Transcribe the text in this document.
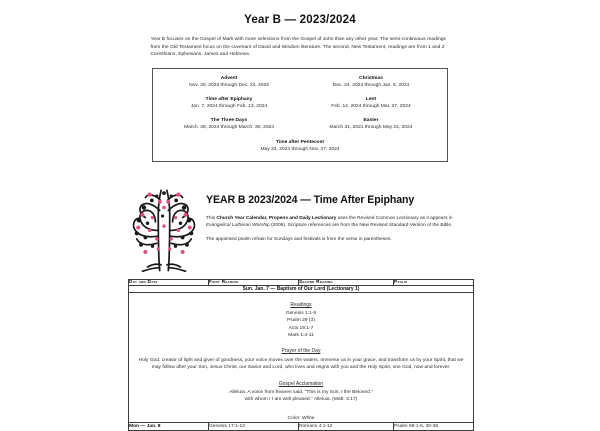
Year B — 2023/2024
Year B focuses on the Gospel of Mark with more selections from the Gospel of John than any other year. The semi-continuous readings from the Old Testament focus on the covenant of David and Wisdom literature. The second, New Testament, readings are from 1 and 2 Corinthians, Ephesians, James and Hebrews.
Advent
Nov. 30, 2023 through Dec. 24, 2023
Christmas
Dec. 24, 2023 through Jan. 6, 2024
Time after Epiphany
Jan. 7, 2024 through Feb. 13, 2024
Lent
Feb. 14, 2024 through Mar. 27, 2024
The Three Days
March. 28, 2024 through March. 30, 2024
Easter
March 31, 2021 through May 22, 2024
Time after Pentecost
May 23, 2024 through Nov. 27, 2024
YEAR B 2023/2024 — Time After Epiphany
This Church Year Calendar, Propens and Daily Lectionary uses the Revised Common Lectionary as it appears in Evangelical Lutheran Worship (2006). Scripture references are from the New Revised Standard Version of the Bible.
The appointed psalm refrain for Sundays and festivals is from the verse in parentheses.
Day and Date	First Reading	Second Reading	Psalm
Sun. Jan. 7 — Baptism of Our Lord (Lectionary 1)			

Readings
Genesis 1:1-5
Psalm 29 (3)
Acts 19:1-7
Mark 1:4-11
Prayer of the Day
Holy God, creator of light and giver of goodness, your voice moves over the waters. Immerse us in your grace, and transform us by your Spirit, that we may follow after your Son, Jesus Christ, our Savior and Lord, who lives and reigns with you and the Holy Spirit, one God, now and forever.
Gospel Acclamation
Alleluia. A voice from heaven said, "This is my Son, I the Beloved,"
with whom I I am well pleased." Alleluia. (Matt. 3:17)
Color: White

Mon — Jan. 8	Genesis 17:1-13	Romans 4:1-12	Psalm 69:1-5, 30-36
